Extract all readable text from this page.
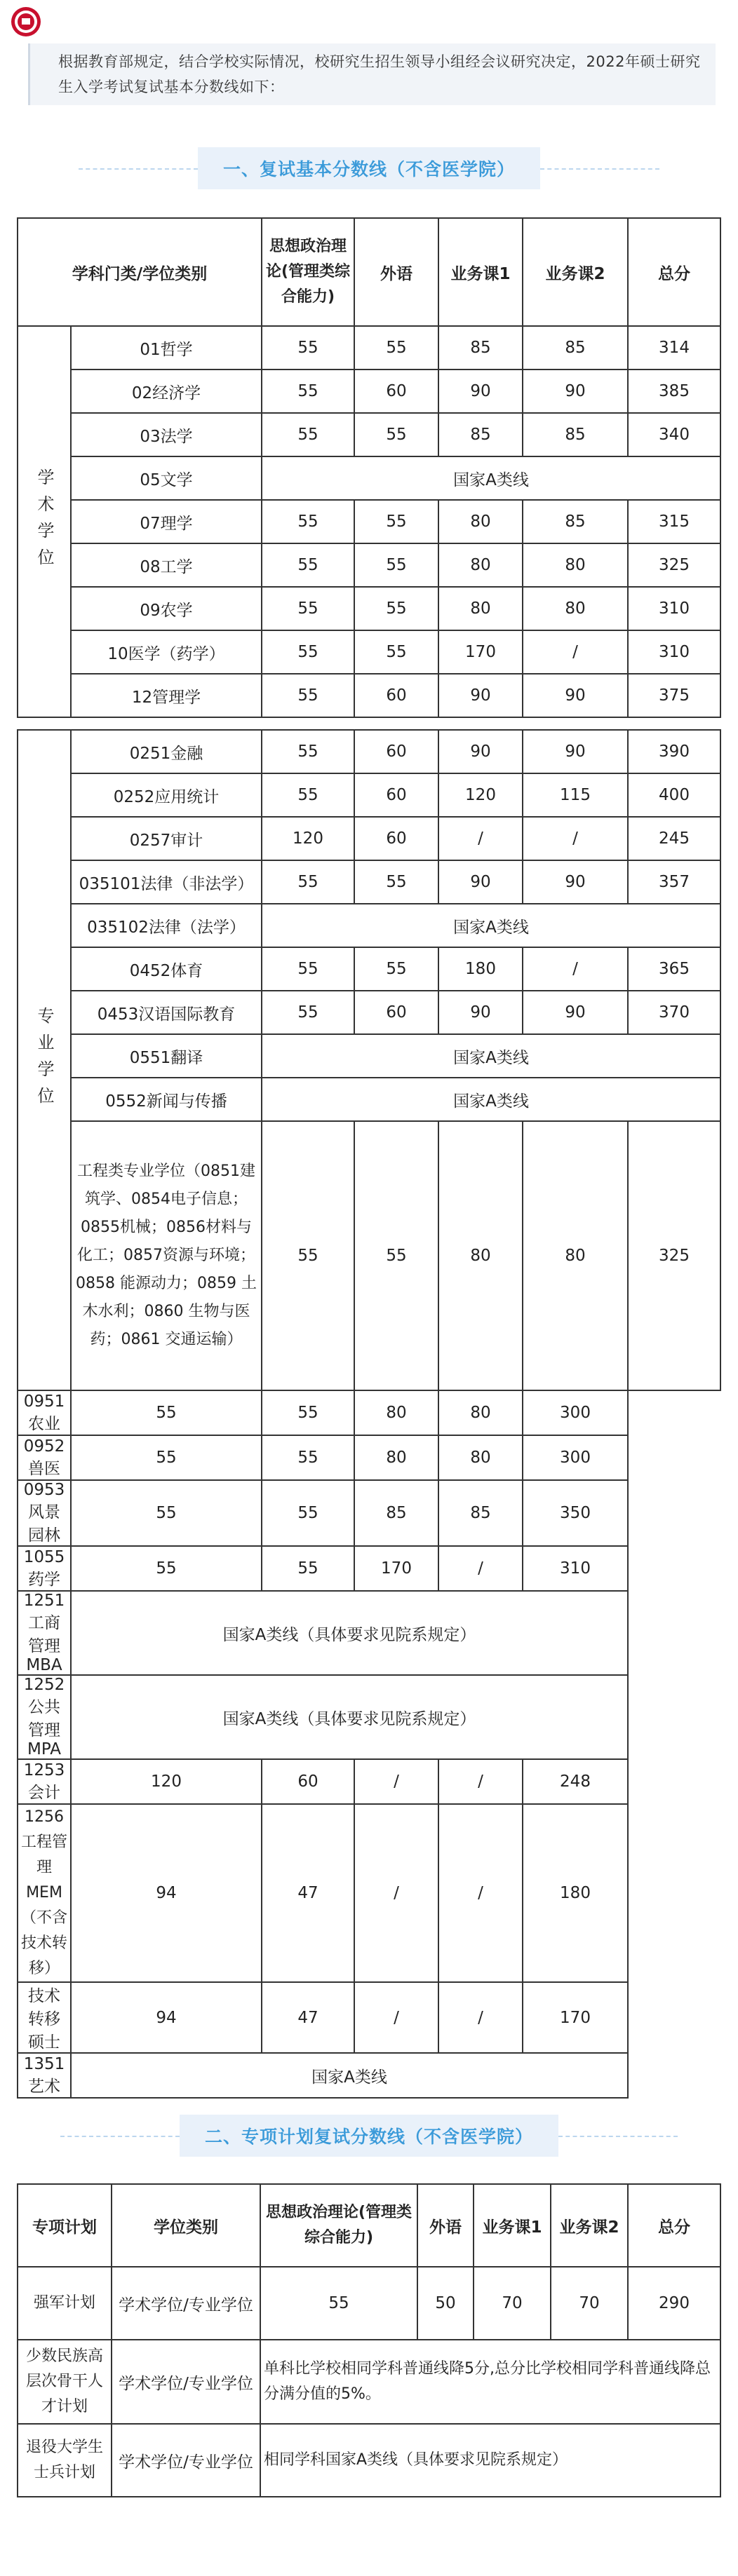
根据教育部规定，结合学校实际情况，校研究生招生领导小组经会议研究决定，2022年硕士研究生入学考试复试基本分数线如下：
一、复试基本分数线（不含医学院）
学科门类/学位类别		思想政治理论(管理类综合能力)	外语	业务课1	业务课2	总分
学术学位	01哲学	55	55	85	85	314
	02经济学	55	60	90	90	385
	03法学	55	55	85	85	340
	05文学	国家A类线				
	07理学	55	55	80	85	315
	08工学	55	55	80	80	325
	09农学	55	55	80	80	310
	10医学（药学）	55	55	170	/	310
	12管理学	55	60	90	90	375

专业学位	0251金融	55	60	90	90	390
	0252应用统计	55	60	120	115	400
	0257审计	120	60	/	/	245
	035101法律（非法学）	55	55	90	90	357
	035102法律（法学）	国家A类线				
	0452体育	55	55	180	/	365
	0453汉语国际教育	55	60	90	90	370
	0551翻译	国家A类线				
	0552新闻与传播	国家A类线				
	工程类专业学位（0851建筑学、0854电子信息；0855机械；0856材料与化工；0857资源与环境；0858 能源动力；0859 土木水利；0860 生物与医药；0861 交通运输）	55	55	80	80	325
0951农业	55	55	80	80	300	
0952兽医	55	55	80	80	300	
0953风景园林	55	55	85	85	350	
1055药学	55	55	170	/	310	
1251工商管理MBA	国家A类线（具体要求见院系规定）					
1252公共管理MPA	国家A类线（具体要求见院系规定）					
1253会计	120	60	/	/	248	
1256工程管理MEM（不含技术转移）	94	47	/	/	180	
技术转移硕士	94	47	/	/	170	
1351艺术	国家A类线					
二、专项计划复试分数线（不含医学院）
专项计划	学位类别	思想政治理论(管理类综合能力)	外语	业务课1	业务课2	总分
强军计划	学术学位/专业学位	55	50	70	70	290
少数民族高层次骨干人才计划	学术学位/专业学位	单科比学校相同学科普通线降5分,总分比学校相同学科普通线降总分满分值的5%。				
退役大学生士兵计划	学术学位/专业学位	相同学科国家A类线（具体要求见院系规定）				
